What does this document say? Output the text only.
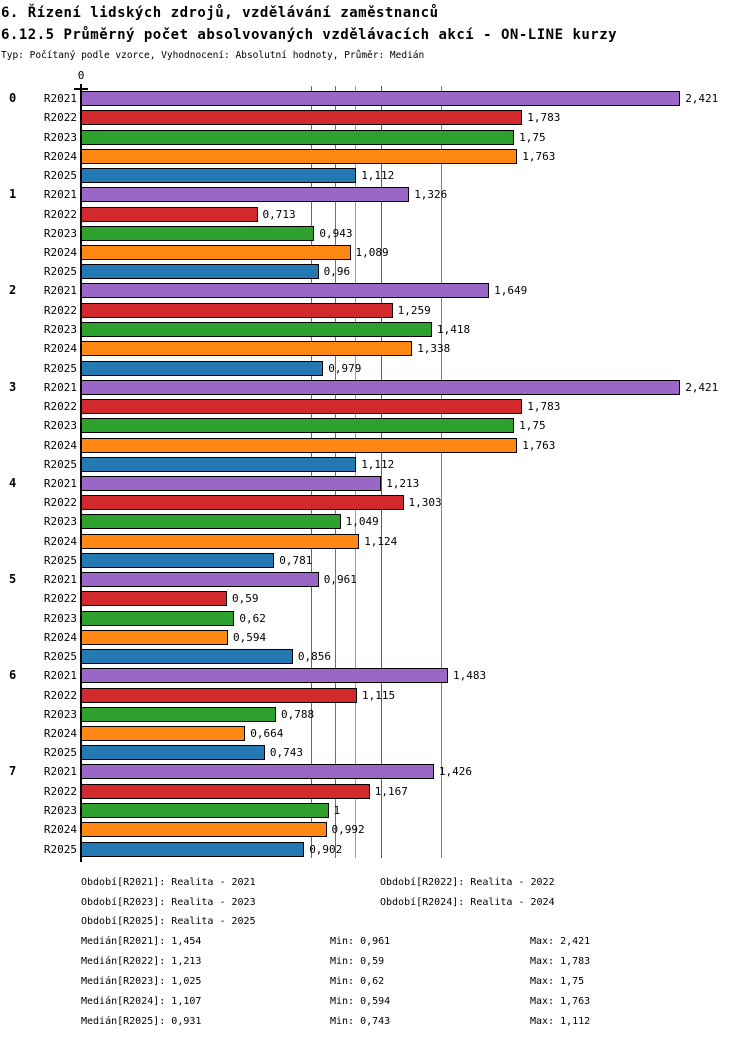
6. Řízení lidských zdrojů, vzdělávání zaměstnanců
6.12.5 Průměrný počet absolvovaných vzdělávacích akcí - ON-LINE kurzy
Typ: Počítaný podle vzorce, Vyhodnocení: Absolutní hodnoty, Průměr: Medián
0
0	R2021	2,421
R2022	1,783
R2023	1,75
R2024	1,763
R2025	1,112
1	R2021	1,326
R2022	0,713
R2023	0,943
R2024	1,089
R2025	0,96
2	R2021	1,649
R2022	1,259
R2023	1,418
R2024	1,338
R2025	0,979
3	R2021	2,421
R2022	1,783
R2023	1,75
R2024	1,763
R2025	1,112
4	R2021	1,213
R2022	1,303
R2023	1,049
R2024	1,124
R2025	0,781
5	R2021	0,961
R2022	0,59
R2023	0,62
R2024	0,594
R2025	0,856
6	R2021	1,483
R2022	1,115
R2023	0,788
R2024	0,664
R2025	0,743
7	R2021	1,426
R2022	1,167
R2023	1
R2024	0,992
R2025	0,902
Období[R2021]: Realita - 2021	Období[R2022]: Realita - 2022
Období[R2023]: Realita - 2023	Období[R2024]: Realita - 2024
Období[R2025]: Realita - 2025
Medián[R2021]: 1,454	Min: 0,961	Max: 2,421
Medián[R2022]: 1,213	Min: 0,59	Max: 1,783
Medián[R2023]: 1,025	Min: 0,62	Max: 1,75
Medián[R2024]: 1,107	Min: 0,594	Max: 1,763
Medián[R2025]: 0,931	Min: 0,743	Max: 1,112
